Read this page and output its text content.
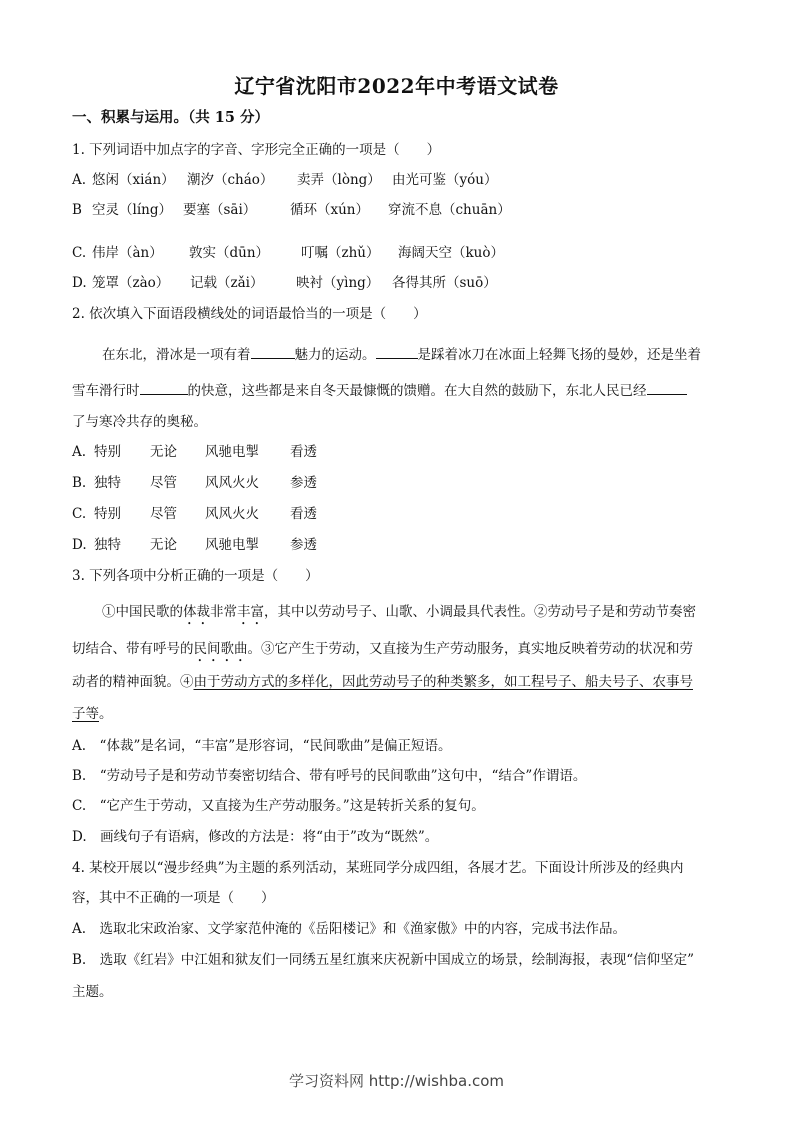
辽宁省沈阳市2022年中考语文试卷
一、积累与运用。（共 15 分）
1. 下列词语中加点字的字音、字形完全正确的一项是（　　）
A. 悠闲（xián） 潮汐（cháo） 卖弄（lòng） 由光可鉴（yóu）
B 空灵（líng） 要塞（sāi） 循环（xún） 穿流不息（chuān）
C. 伟岸（àn） 敦实（dūn） 叮嘱（zhǔ） 海阔天空（kuò）
D. 笼罩（zào） 记载（zǎi） 映衬（yìng） 各得其所（suō）
2. 依次填入下面语段横线处的词语最恰当的一项是（　　）
在东北，滑冰是一项有着	魅力的运动。	是踩着冰刀在冰面上轻舞飞扬的曼妙，还是坐着
雪车滑行时	的快意，这些都是来自冬天最慷慨的馈赠。在大自然的鼓励下，东北人民已经
了与寒冷共存的奥秘。
A. 特别 无论 风驰电掣 看透
B. 独特 尽管 风风火火 参透
C. 特别 尽管 风风火火 看透
D. 独特 无论 风驰电掣 参透
3. 下列各项中分析正确的一项是（　　）
①中国民歌的体裁非常丰富，其中以劳动号子、山歌、小调最具代表性。②劳动号子是和劳动节奏密
切结合、带有呼号的民间歌曲。③它产生于劳动，又直接为生产劳动服务，真实地反映着劳动的状况和劳
动者的精神面貌。④由于劳动方式的多样化，因此劳动号子的种类繁多，如工程号子、船夫号子、农事号
子等。
A.　“体裁”是名词，“丰富”是形容词，“民间歌曲”是偏正短语。
B.　“劳动号子是和劳动节奏密切结合、带有呼号的民间歌曲”这句中，“结合”作谓语。
C.　“它产生于劳动，又直接为生产劳动服务。”这是转折关系的复句。
D.　画线句子有语病，修改的方法是：将“由于”改为“既然”。
4. 某校开展以“漫步经典”为主题的系列活动，某班同学分成四组，各展才艺。下面设计所涉及的经典内
容，其中不正确的一项是（　　）
A.　选取北宋政治家、文学家范仲淹的《岳阳楼记》和《渔家傲》中的内容，完成书法作品。
B.　选取《红岩》中江姐和狱友们一同绣五星红旗来庆祝新中国成立的场景，绘制海报，表现“信仰坚定”
主题。
学习资料网 http://wishba.com
